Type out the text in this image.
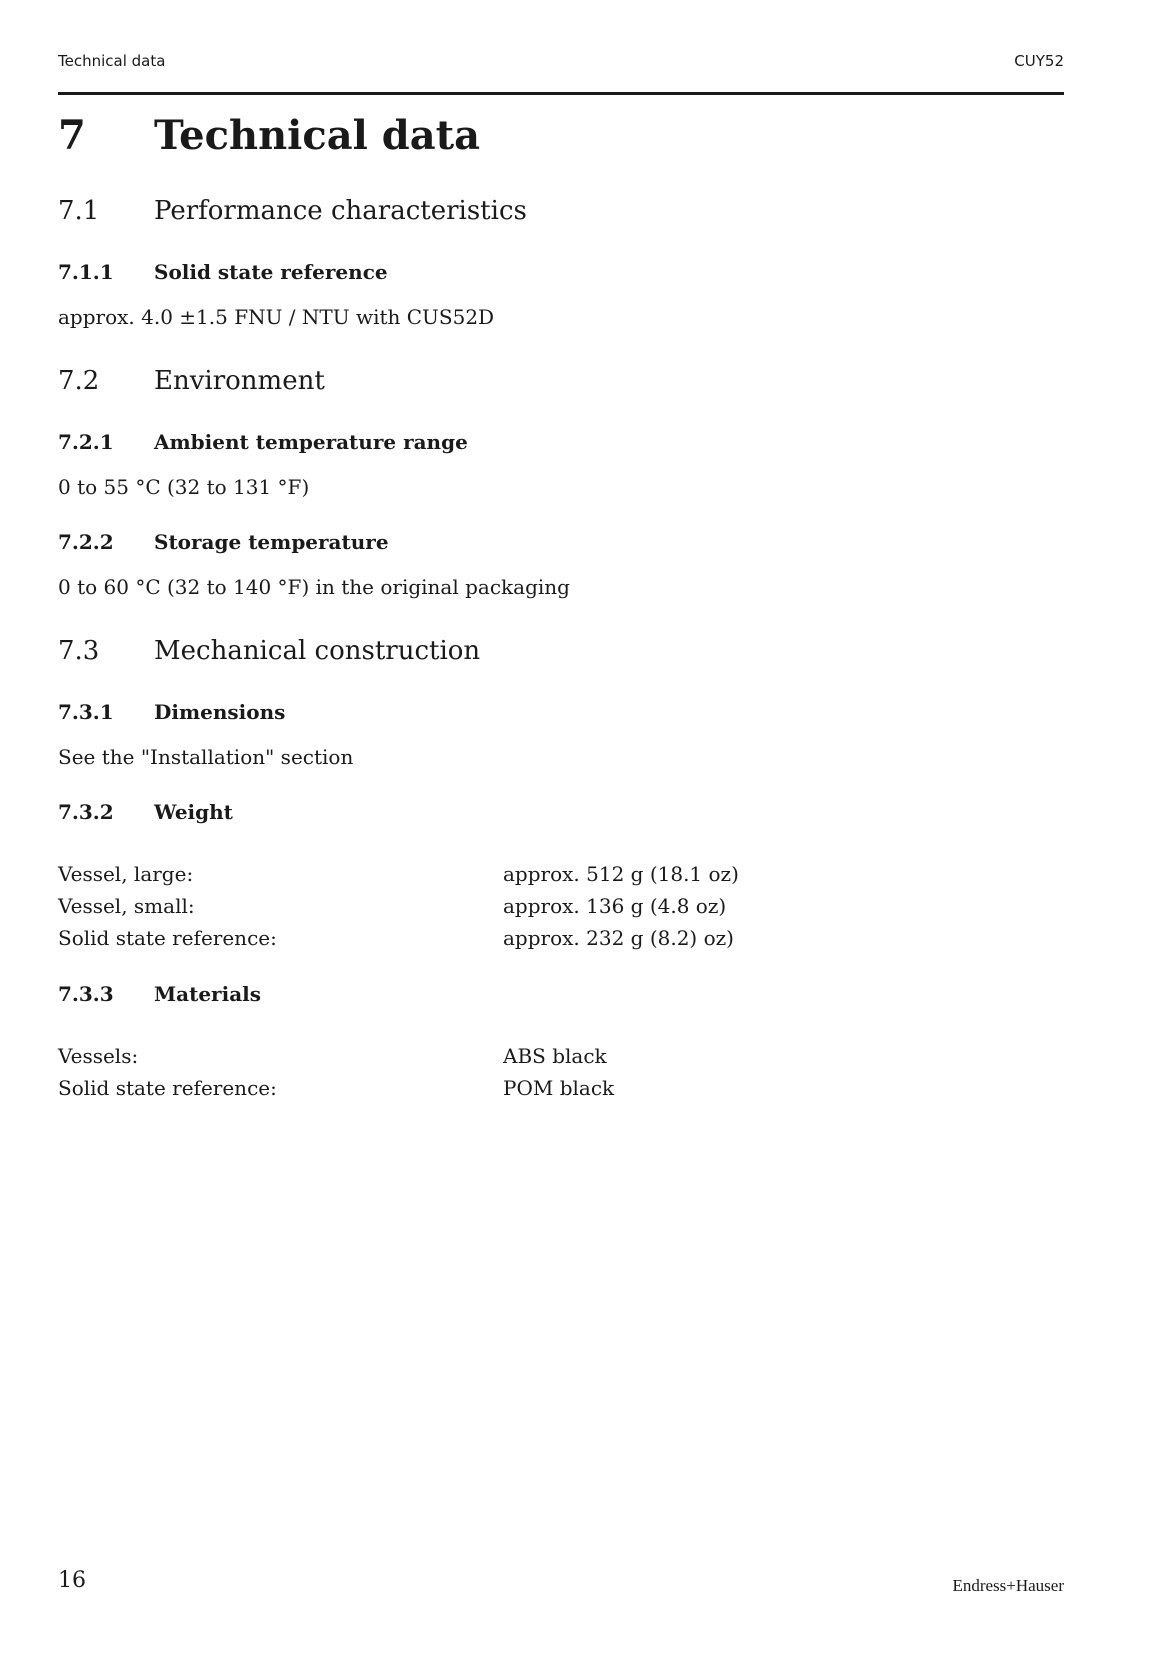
Technical data	CUY52
7 Technical data
7.1 Performance characteristics
7.1.1 Solid state reference
approx. 4.0 ±1.5 FNU / NTU with CUS52D
7.2 Environment
7.2.1 Ambient temperature range
0 to 55 °C (32 to 131 °F)
7.2.2 Storage temperature
0 to 60 °C (32 to 140 °F) in the original packaging
7.3 Mechanical construction
7.3.1 Dimensions
See the "Installation" section
7.3.2 Weight
Vessel, large:	approx. 512 g (18.1 oz)
Vessel, small:	approx. 136 g (4.8 oz)
Solid state reference:	approx. 232 g (8.2) oz)
7.3.3 Materials
Vessels:	ABS black
Solid state reference:	POM black
16	Endress+Hauser
